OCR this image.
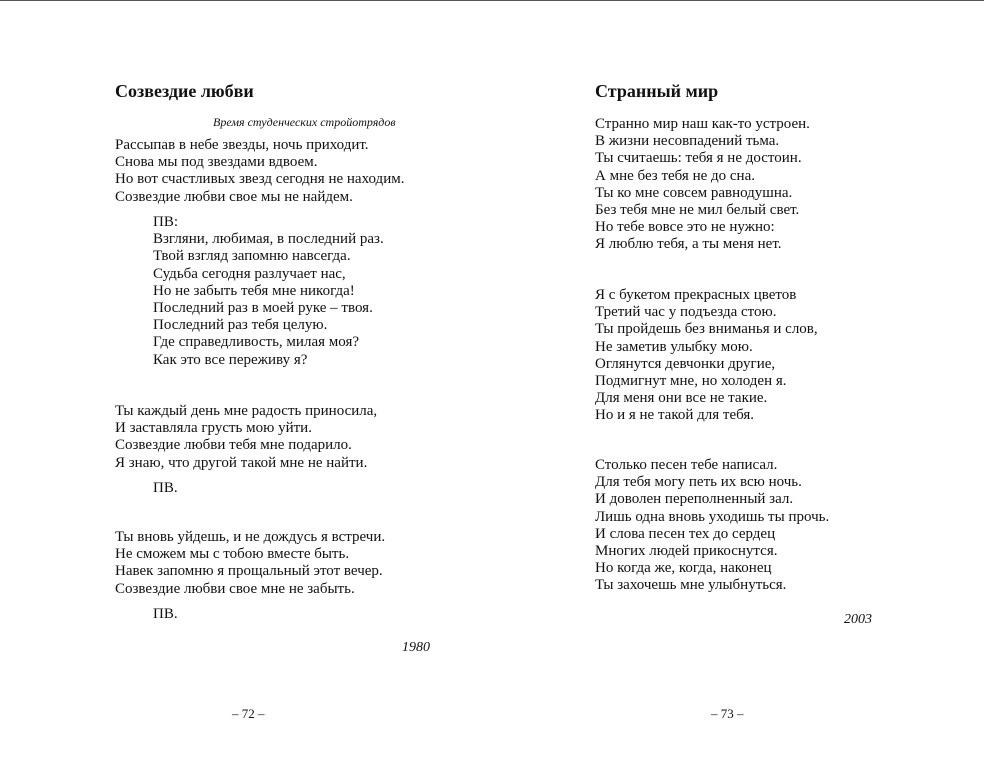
Созвездие любви
Время студенческих стройотрядов
Рассыпав в небе звезды, ночь приходит.
Снова мы под звездами вдвоем.
Но вот счастливых звезд сегодня не находим.
Созвездие любви свое мы не найдем.
ПВ:
Взгляни, любимая, в последний раз.
Твой взгляд запомню навсегда.
Судьба сегодня разлучает нас,
Но не забыть тебя мне никогда!
Последний раз в моей руке – твоя.
Последний раз тебя целую.
Где справедливость, милая моя?
Как это все переживу я?
Ты каждый день мне радость приносила,
И заставляла грусть мою уйти.
Созвездие любви тебя мне подарило.
Я знаю, что другой такой мне не найти.
ПВ.
Ты вновь уйдешь, и не дождусь я встречи.
Не сможем мы с тобою вместе быть.
Навек запомню я прощальный этот вечер.
Созвездие любви свое мне не забыть.
ПВ.
1980
– 72 –
Странный мир
Странно мир наш как-то устроен.
В жизни несовпадений тьма.
Ты считаешь: тебя я не достоин.
А мне без тебя не до сна.
Ты ко мне совсем равнодушна.
Без тебя мне не мил белый свет.
Но тебе вовсе это не нужно:
Я люблю тебя, а ты меня нет.
Я с букетом прекрасных цветов
Третий час у подъезда стою.
Ты пройдешь без вниманья и слов,
Не заметив улыбку мою.
Оглянутся девчонки другие,
Подмигнут мне, но холоден я.
Для меня они все не такие.
Но и я не такой для тебя.
Столько песен тебе написал.
Для тебя могу петь их всю ночь.
И доволен переполненный зал.
Лишь одна вновь уходишь ты прочь.
И слова песен тех до сердец
Многих людей прикоснутся.
Но когда же, когда, наконец
Ты захочешь мне улыбнуться.
2003
– 73 –
